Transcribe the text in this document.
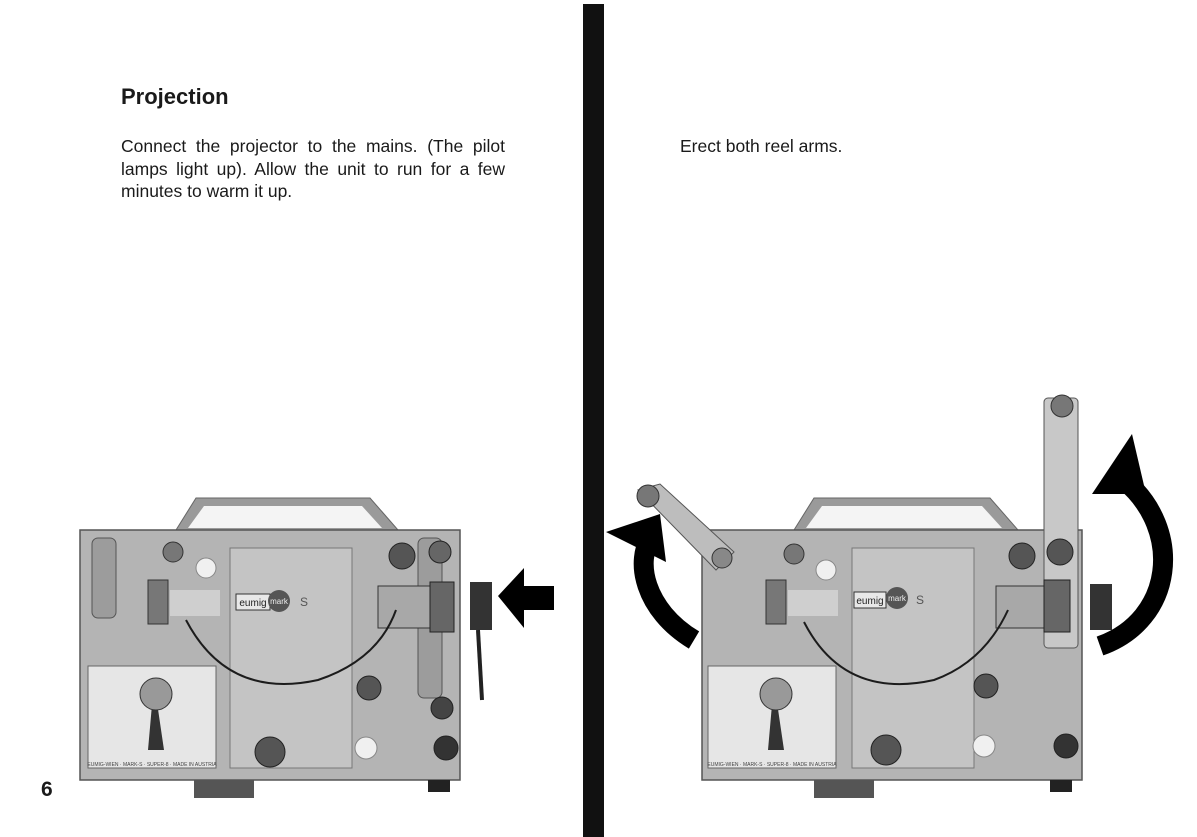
Projection

Connect the projector to the mains. (The pilot lamps light up). Allow the unit to run for a few minutes to warm it up.

eumig mark S
EUMIG-WIEN · MARK-S · SUPER-8 · MADE IN AUSTRIA
6

Erect both reel arms.

eumig mark S
EUMIG-WIEN · MARK-S · SUPER-8 · MADE IN AUSTRIA
